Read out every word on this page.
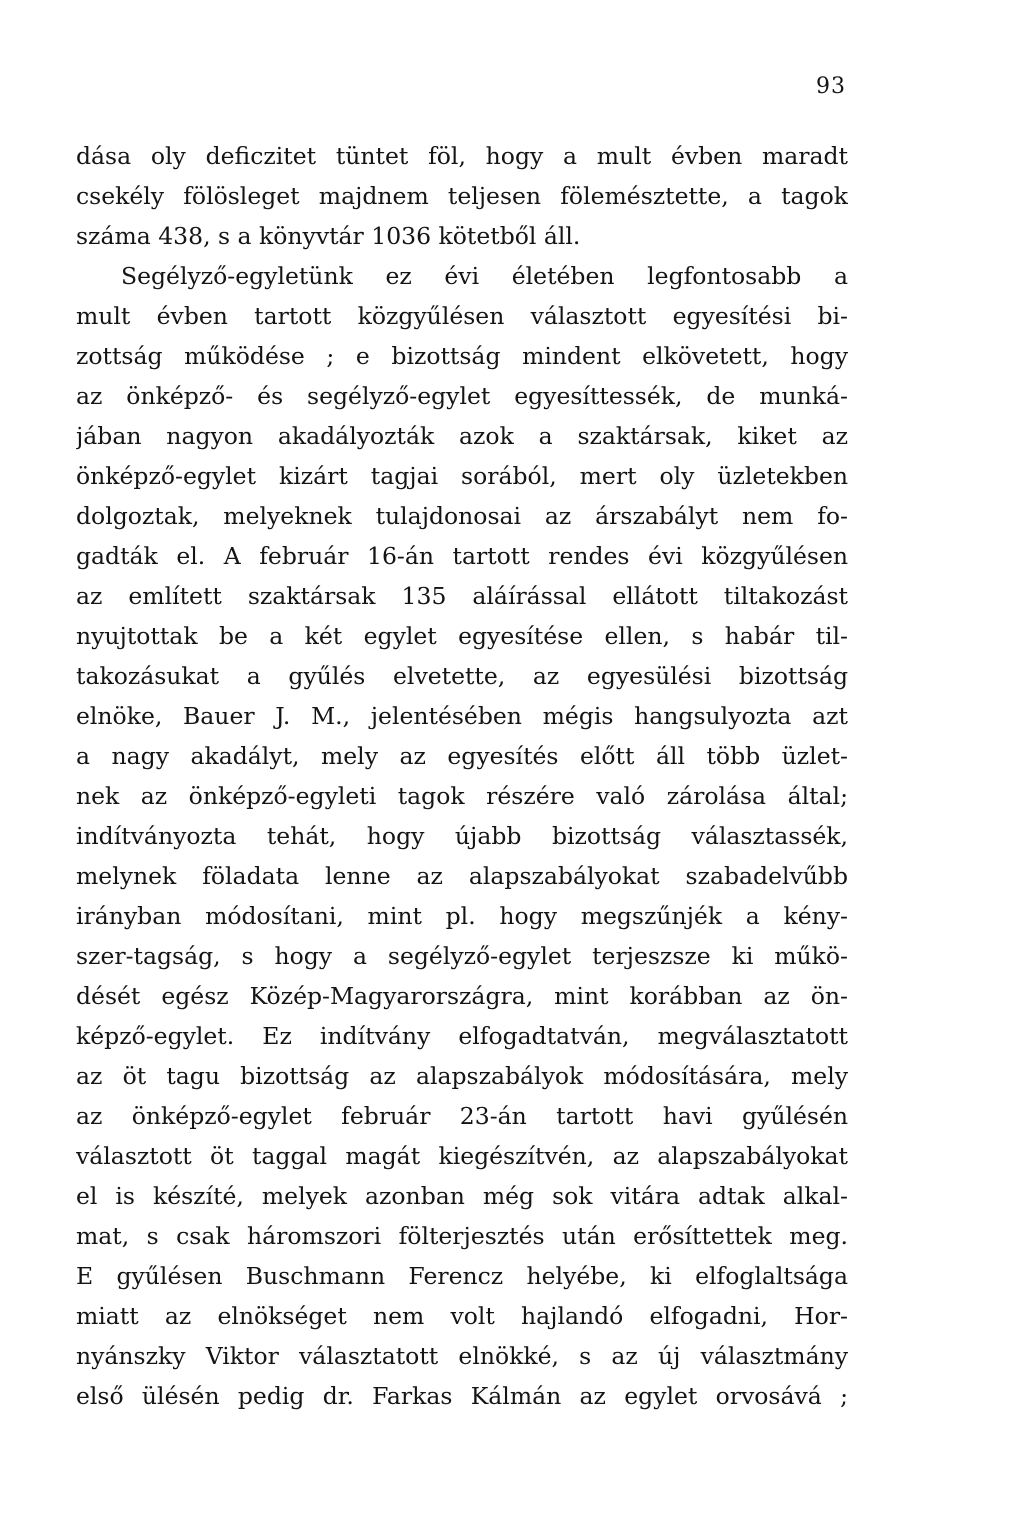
93
dása oly deficzitet tüntet föl, hogy a mult évben maradt
csekély fölösleget majdnem teljesen fölemésztette, a tagok
száma 438, s a könyvtár 1036 kötetből áll.
Segélyző-egyletünk ez évi életében legfontosabb a
mult évben tartott közgyűlésen választott egyesítési bi-
zottság működése ; e bizottság mindent elkövetett, hogy
az önképző- és segélyző-egylet egyesíttessék, de munká-
jában nagyon akadályozták azok a szaktársak, kiket az
önképző-egylet kizárt tagjai sorából, mert oly üzletekben
dolgoztak, melyeknek tulajdonosai az árszabályt nem fo-
gadták el. A február 16-án tartott rendes évi közgyűlésen
az említett szaktársak 135 aláírással ellátott tiltakozást
nyujtottak be a két egylet egyesítése ellen, s habár til-
takozásukat a gyűlés elvetette, az egyesülési bizottság
elnöke, Bauer J. M., jelentésében mégis hangsulyozta azt
a nagy akadályt, mely az egyesítés előtt áll több üzlet-
nek az önképző-egyleti tagok részére való zárolása által;
indítványozta tehát, hogy újabb bizottság választassék,
melynek föladata lenne az alapszabályokat szabadelvűbb
irányban módosítani, mint pl. hogy megszűnjék a kény-
szer-tagság, s hogy a segélyző-egylet terjeszsze ki műkö-
dését egész Közép-Magyarországra, mint korábban az ön-
képző-egylet. Ez indítvány elfogadtatván, megválasztatott
az öt tagu bizottság az alapszabályok módosítására, mely
az önképző-egylet február 23-án tartott havi gyűlésén
választott öt taggal magát kiegészítvén, az alapszabályokat
el is készíté, melyek azonban még sok vitára adtak alkal-
mat, s csak háromszori fölterjesztés után erősíttettek meg.
E gyűlésen Buschmann Ferencz helyébe, ki elfoglaltsága
miatt az elnökséget nem volt hajlandó elfogadni, Hor-
nyánszky Viktor választatott elnökké, s az új választmány
első ülésén pedig dr. Farkas Kálmán az egylet orvosává ;
